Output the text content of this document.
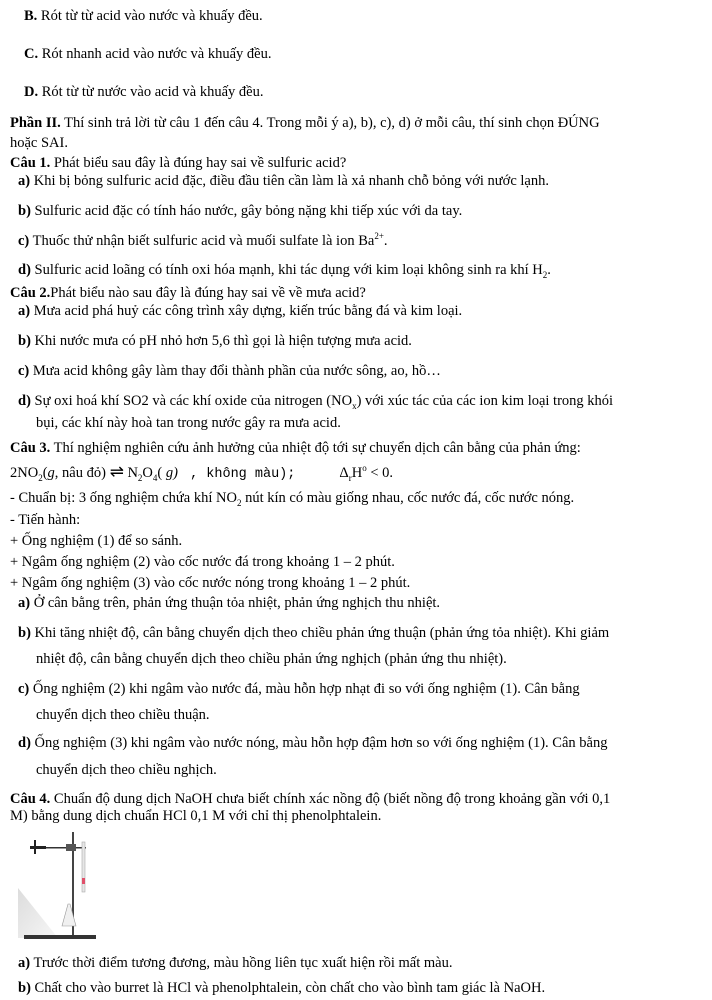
B. Rót từ từ acid vào nước và khuấy đều.
C. Rót nhanh acid vào nước và khuấy đều.
D. Rót từ từ nước vào acid và khuấy đều.
Phần II. Thí sinh trả lời từ câu 1 đến câu 4. Trong mỗi ý a), b), c), d) ở mỗi câu, thí sinh chọn ĐÚNG
hoặc SAI.
Câu 1. Phát biểu sau đây là đúng hay sai về sulfuric acid?
a) Khi bị bỏng sulfuric acid đặc, điều đầu tiên cần làm là xả nhanh chỗ bỏng với nước lạnh.
b) Sulfuric acid đặc có tính háo nước, gây bỏng nặng khi tiếp xúc với da tay.
c) Thuốc thử nhận biết sulfuric acid và muối sulfate là ion $Ba^{2+}$.
d) Sulfuric acid loãng có tính oxi hóa mạnh, khi tác dụng với kim loại không sinh ra khí $H_2$.
Câu 2.Phát biểu nào sau đây là đúng hay sai về về mưa acid?
a) Mưa acid phá huỷ các công trình xây dựng, kiến trúc bằng đá và kim loại.
b) Khi nước mưa có pH nhỏ hơn 5,6 thì gọi là hiện tượng mưa acid.
c) Mưa acid không gây làm thay đổi thành phần của nước sông, ao, hồ…
d) Sự oxi hoá khí SO2 và các khí oxide của nitrogen $(NO_x)$ với xúc tác của các ion kim loại trong khói
bụi, các khí này hoà tan trong nước gây ra mưa acid.
Câu 3. Thí nghiệm nghiên cứu ảnh hưởng của nhiệt độ tới sự chuyển dịch cân bằng của phản ứng:
$2NO_2(g$, nâu đỏ) ⇌ $N_2O_4$( g) , không màu);	$\Delta_rH^o < 0$.
- Chuẩn bị: 3 ống nghiệm chứa khí $NO_2$ nút kín có màu giống nhau, cốc nước đá, cốc nước nóng.
- Tiến hành:
+ Ống nghiệm (1) để so sánh.
+ Ngâm ống nghiệm (2) vào cốc nước đá trong khoảng 1 – 2 phút.
+ Ngâm ống nghiệm (3) vào cốc nước nóng trong khoảng 1 – 2 phút.
a) Ở cân bằng trên, phản ứng thuận tỏa nhiệt, phản ứng nghịch thu nhiệt.
b) Khi tăng nhiệt độ, cân bằng chuyển dịch theo chiều phản ứng thuận (phản ứng tỏa nhiệt). Khi giảm
nhiệt độ, cân bằng chuyển dịch theo chiều phản ứng nghịch (phản ứng thu nhiệt).
c) Ống nghiệm (2) khi ngâm vào nước đá, màu hỗn hợp nhạt đi so với ống nghiệm (1). Cân bằng
chuyển dịch theo chiều thuận.
d) Ống nghiệm (3) khi ngâm vào nước nóng, màu hỗn hợp đậm hơn so với ống nghiệm (1). Cân bằng
chuyển dịch theo chiều nghịch.
Câu 4. Chuẩn độ dung dịch NaOH chưa biết chính xác nồng độ (biết nồng độ trong khoảng gần với 0,1
M) bằng dung dịch chuẩn HCl 0,1 M với chỉ thị phenolphtalein.
a) Trước thời điểm tương đương, màu hồng liên tục xuất hiện rồi mất màu.
b) Chất cho vào burret là HCl và phenolphtalein, còn chất cho vào bình tam giác là NaOH.
